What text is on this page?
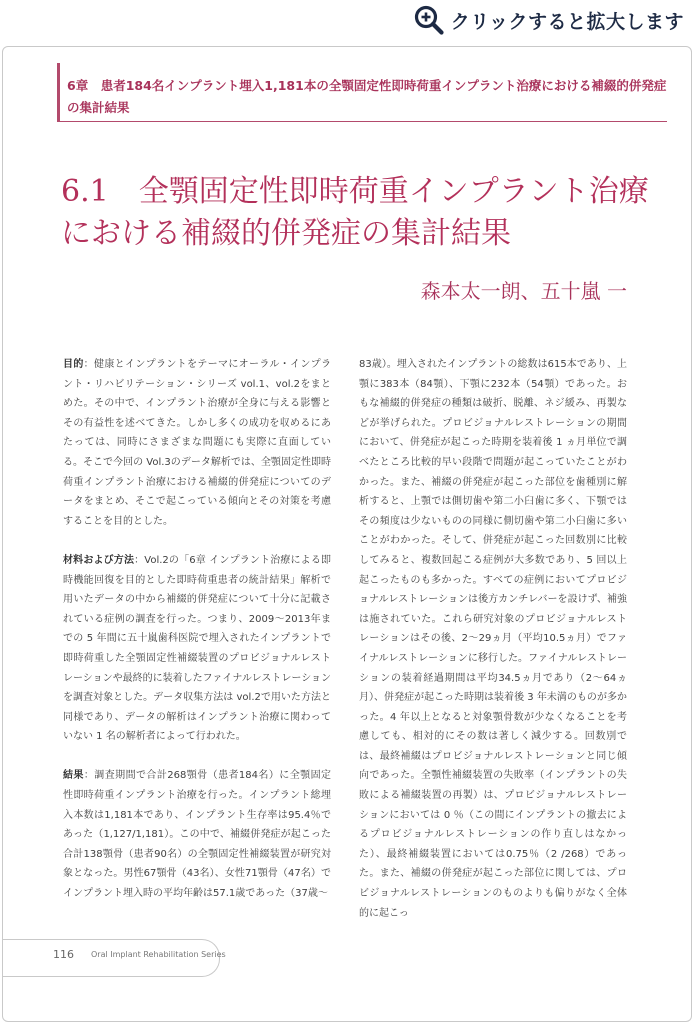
クリックすると拡大します
6章　患者184名インプラント埋入1,181本の全顎固定性即時荷重インプラント治療における補綴的併発症の集計結果
6.1　全顎固定性即時荷重インプラント治療における補綴的併発症の集計結果
森本太一朗、五十嵐 一

目的：健康とインプラントをテーマにオーラル・インプラント・リハビリテーション・シリーズ vol.1、vol.2をまとめた。その中で、インプラント治療が全身に与える影響とその有益性を述べてきた。しかし多くの成功を収めるにあたっては、同時にさまざまな問題にも実際に直面している。そこで今回の Vol.3のデータ解析では、全顎固定性即時荷重インプラント治療における補綴的併発症についてのデータをまとめ、そこで起こっている傾向とその対策を考慮することを目的とした。

材料および方法：Vol.2の「6章 インプラント治療による即時機能回復を目的とした即時荷重患者の統計結果」解析で用いたデータの中から補綴的併発症について十分に記載されている症例の調査を行った。つまり、2009～2013年までの 5 年間に五十嵐歯科医院で埋入されたインプラントで即時荷重した全顎固定性補綴装置のプロビジョナルレストレーションや最終的に装着したファイナルレストレーションを調査対象とした。データ収集方法は vol.2で用いた方法と同様であり、データの解析はインプラント治療に関わっていない 1 名の解析者によって行われた。

結果：調査期間で合計268顎骨（患者184名）に全顎固定性即時荷重インプラント治療を行った。インプラント総埋入本数は1,181本であり、インプラント生存率は95.4％であった（1,127/1,181）。この中で、補綴併発症が起こった合計138顎骨（患者90名）の全顎固定性補綴装置が研究対象となった。男性67顎骨（43名）、女性71顎骨（47名）でインプラント埋入時の平均年齢は57.1歳であった（37歳～

83歳）。埋入されたインプラントの総数は615本であり、上顎に383本（84顎）、下顎に232本（54顎）であった。おもな補綴的併発症の種類は破折、脱離、ネジ緩み、再製などが挙げられた。プロビジョナルレストレーションの期間において、併発症が起こった時期を装着後 1 ヵ月単位で調べたところ比較的早い段階で問題が起こっていたことがわかった。また、補綴の併発症が起こった部位を歯種別に解析すると、上顎では側切歯や第二小臼歯に多く、下顎ではその頻度は少ないものの同様に側切歯や第二小臼歯に多いことがわかった。そして、併発症が起こった回数別に比較してみると、複数回起こる症例が大多数であり、5 回以上起こったものも多かった。すべての症例においてプロビジョナルレストレーションは後方カンチレバーを設けず、補強は施されていた。これら研究対象のプロビジョナルレストレーションはその後、2～29ヵ月（平均10.5ヵ月）でファイナルレストレーションに移行した。ファイナルレストレーションの装着経過期間は平均34.5ヵ月であり（2～64ヵ月）、併発症が起こった時期は装着後 3 年未満のものが多かった。4 年以上となると対象顎骨数が少なくなることを考慮しても、相対的にその数は著しく減少する。回数別では、最終補綴はプロビジョナルレストレーションと同じ傾向であった。全顎性補綴装置の失敗率（インプラントの失敗による補綴装置の再製）は、プロビジョナルレストレーションにおいては 0 ％（この間にインプラントの撤去によるプロビジョナルレストレーションの作り直しはなかった）、最終補綴装置においては0.75％（2 /268）であった。また、補綴の併発症が起こった部位に関しては、プロビジョナルレストレーションのものよりも偏りがなく全体的に起こっ

116 Oral Implant Rehabilitation Series
